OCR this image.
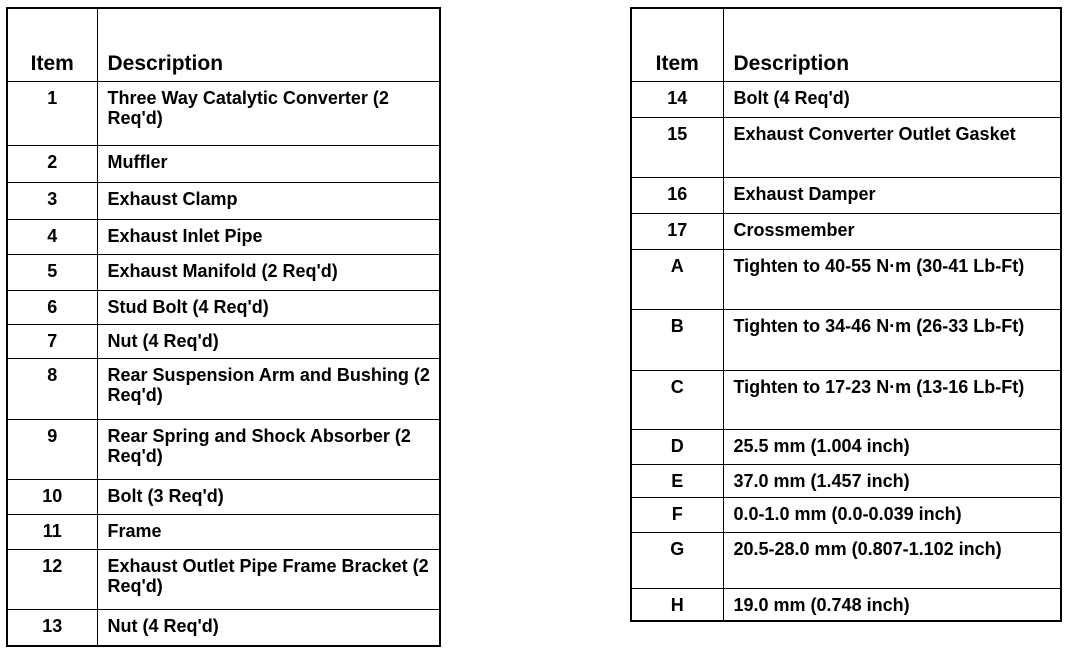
Item	Description
1	Three Way Catalytic Converter (2 Req'd)
2	Muffler
3	Exhaust Clamp
4	Exhaust Inlet Pipe
5	Exhaust Manifold (2 Req'd)
6	Stud Bolt (4 Req'd)
7	Nut (4 Req'd)
8	Rear Suspension Arm and Bushing (2 Req'd)
9	Rear Spring and Shock Absorber (2 Req'd)
10	Bolt (3 Req'd)
11	Frame
12	Exhaust Outlet Pipe Frame Bracket (2 Req'd)
13	Nut (4 Req'd)
Item	Description
14	Bolt (4 Req'd)
15	Exhaust Converter Outlet Gasket
16	Exhaust Damper
17	Crossmember
A	Tighten to 40-55 N·m (30-41 Lb-Ft)
B	Tighten to 34-46 N·m (26-33 Lb-Ft)
C	Tighten to 17-23 N·m (13-16 Lb-Ft)
D	25.5 mm (1.004 inch)
E	37.0 mm (1.457 inch)
F	0.0-1.0 mm (0.0-0.039 inch)
G	20.5-28.0 mm (0.807-1.102 inch)
H	19.0 mm (0.748 inch)
